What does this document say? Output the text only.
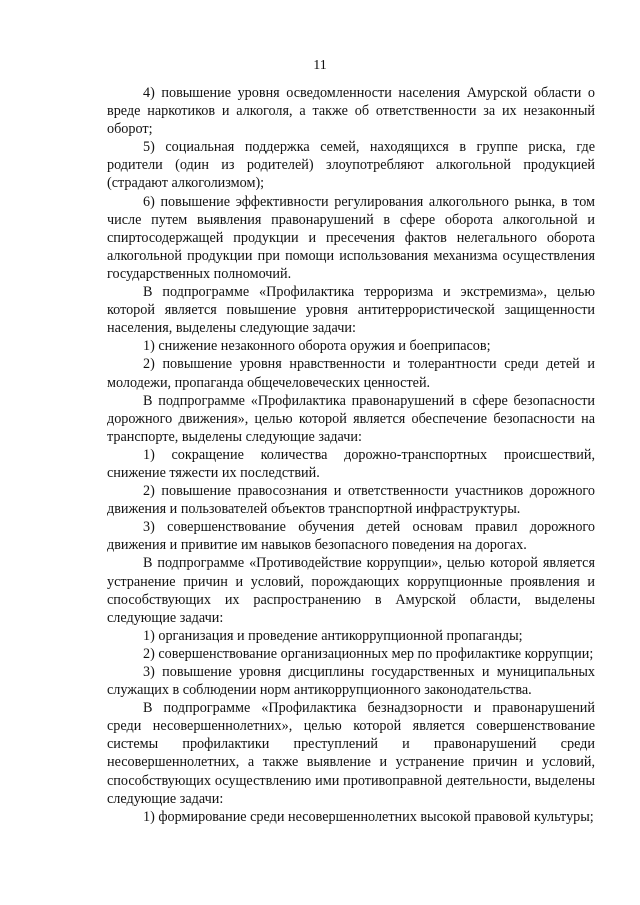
11

4) повышение уровня осведомленности населения Амурской области о вреде наркотиков и алкоголя, а также об ответственности за их незаконный оборот;

5) социальная поддержка семей, находящихся в группе риска, где родители (один из родителей) злоупотребляют алкогольной продукцией (страдают алкоголизмом);

6) повышение эффективности регулирования алкогольного рынка, в том числе путем выявления правонарушений в сфере оборота алкогольной и спиртосодержащей продукции и пресечения фактов нелегального оборота алкогольной продукции при помощи использования механизма осуществления государственных полномочий.

В подпрограмме «Профилактика терроризма и экстремизма», целью которой является повышение уровня антитеррористической защищенности населения, выделены следующие задачи:

1) снижение незаконного оборота оружия и боеприпасов;

2) повышение уровня нравственности и толерантности среди детей и молодежи, пропаганда общечеловеческих ценностей.

В подпрограмме «Профилактика правонарушений в сфере безопасности дорожного движения», целью которой является обеспечение безопасности на транспорте, выделены следующие задачи:

1) сокращение количества дорожно-транспортных происшествий, снижение тяжести их последствий.

2) повышение правосознания и ответственности участников дорожного движения и пользователей объектов транспортной инфраструктуры.

3) совершенствование обучения детей основам правил дорожного движения и привитие им навыков безопасного поведения на дорогах.

В подпрограмме «Противодействие коррупции», целью которой является устранение причин и условий, порождающих коррупционные проявления и способствующих их распространению в Амурской области, выделены следующие задачи:

1) организация и проведение антикоррупционной пропаганды;

2) совершенствование организационных мер по профилактике коррупции;

3) повышение уровня дисциплины государственных и муниципальных служащих в соблюдении норм антикоррупционного законодательства.

В подпрограмме «Профилактика безнадзорности и правонарушений среди несовершеннолетних», целью которой является совершенствование системы профилактики преступлений и правонарушений среди несовершеннолетних, а также выявление и устранение причин и условий, способствующих осуществлению ими противоправной деятельности, выделены следующие задачи:

1) формирование среди несовершеннолетних высокой правовой культуры;
